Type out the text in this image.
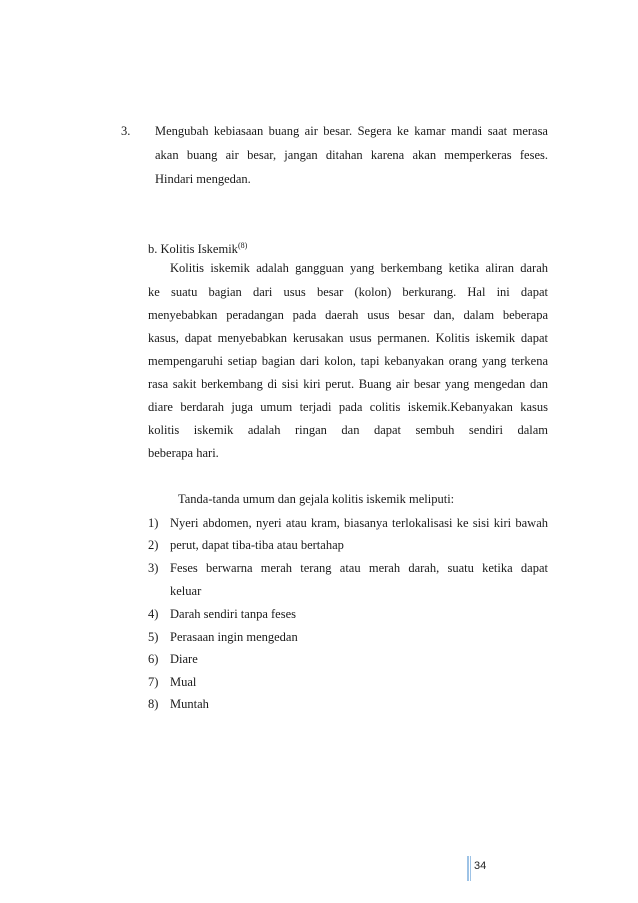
3. Mengubah kebiasaan buang air besar. Segera ke kamar mandi saat merasa
akan buang air besar, jangan ditahan karena akan memperkeras feses.
Hindari mengedan.
b. Kolitis Iskemik$^{(8)}$
Kolitis iskemik adalah gangguan yang berkembang ketika aliran darah
ke suatu bagian dari usus besar (kolon) berkurang. Hal ini dapat
menyebabkan peradangan pada daerah usus besar dan, dalam beberapa
kasus, dapat menyebabkan kerusakan usus permanen. Kolitis iskemik dapat
mempengaruhi setiap bagian dari kolon, tapi kebanyakan orang yang terkena
rasa sakit berkembang di sisi kiri perut. Buang air besar yang mengedan dan
diare berdarah juga umum terjadi pada colitis iskemik.Kebanyakan kasus
kolitis iskemik adalah ringan dan dapat sembuh sendiri dalam
beberapa hari.
Tanda-tanda umum dan gejala kolitis iskemik meliputi:
1) Nyeri abdomen, nyeri atau kram, biasanya terlokalisasi ke sisi kiri bawah
2) perut, dapat tiba-tiba atau bertahap
3) Feses berwarna merah terang atau merah darah, suatu ketika dapat
keluar
4) Darah sendiri tanpa feses
5) Perasaan ingin mengedan
6) Diare
7) Mual
8) Muntah
34
